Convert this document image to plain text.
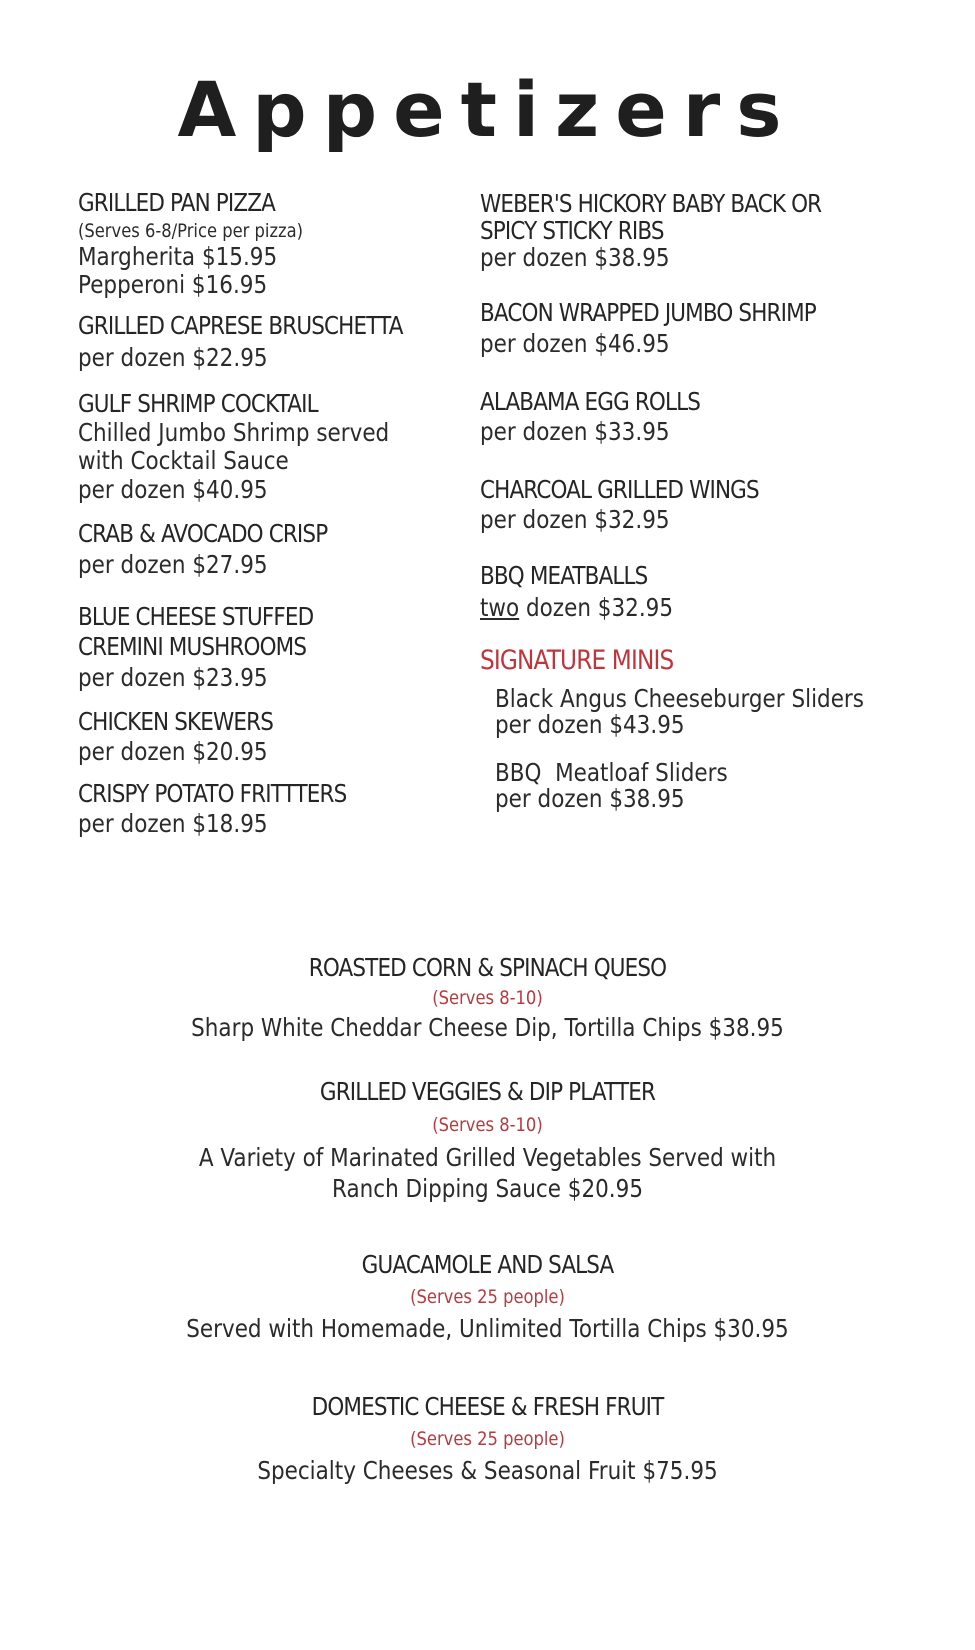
Appetizers
GRILLED PAN PIZZA
(Serves 6-8/Price per pizza)
Margherita $15.95
Pepperoni $16.95
GRILLED CAPRESE BRUSCHETTA
per dozen $22.95
GULF SHRIMP COCKTAIL
Chilled Jumbo Shrimp served
with Cocktail Sauce
per dozen $40.95
CRAB & AVOCADO CRISP
per dozen $27.95
BLUE CHEESE STUFFED
CREMINI MUSHROOMS
per dozen $23.95
CHICKEN SKEWERS
per dozen $20.95
CRISPY POTATO FRITTTERS
per dozen $18.95
WEBER'S HICKORY BABY BACK OR
SPICY STICKY RIBS
per dozen $38.95
BACON WRAPPED JUMBO SHRIMP
per dozen $46.95
ALABAMA EGG ROLLS
per dozen $33.95
CHARCOAL GRILLED WINGS
per dozen $32.95
BBQ MEATBALLS
two dozen $32.95
SIGNATURE MINIS
Black Angus Cheeseburger Sliders
per dozen $43.95
BBQ  Meatloaf Sliders
per dozen $38.95
ROASTED CORN & SPINACH QUESO
(Serves 8-10)
Sharp White Cheddar Cheese Dip, Tortilla Chips $38.95
GRILLED VEGGIES & DIP PLATTER
(Serves 8-10)
A Variety of Marinated Grilled Vegetables Served with
Ranch Dipping Sauce $20.95
GUACAMOLE AND SALSA
(Serves 25 people)
Served with Homemade, Unlimited Tortilla Chips $30.95
DOMESTIC CHEESE & FRESH FRUIT
(Serves 25 people)
Specialty Cheeses & Seasonal Fruit $75.95
